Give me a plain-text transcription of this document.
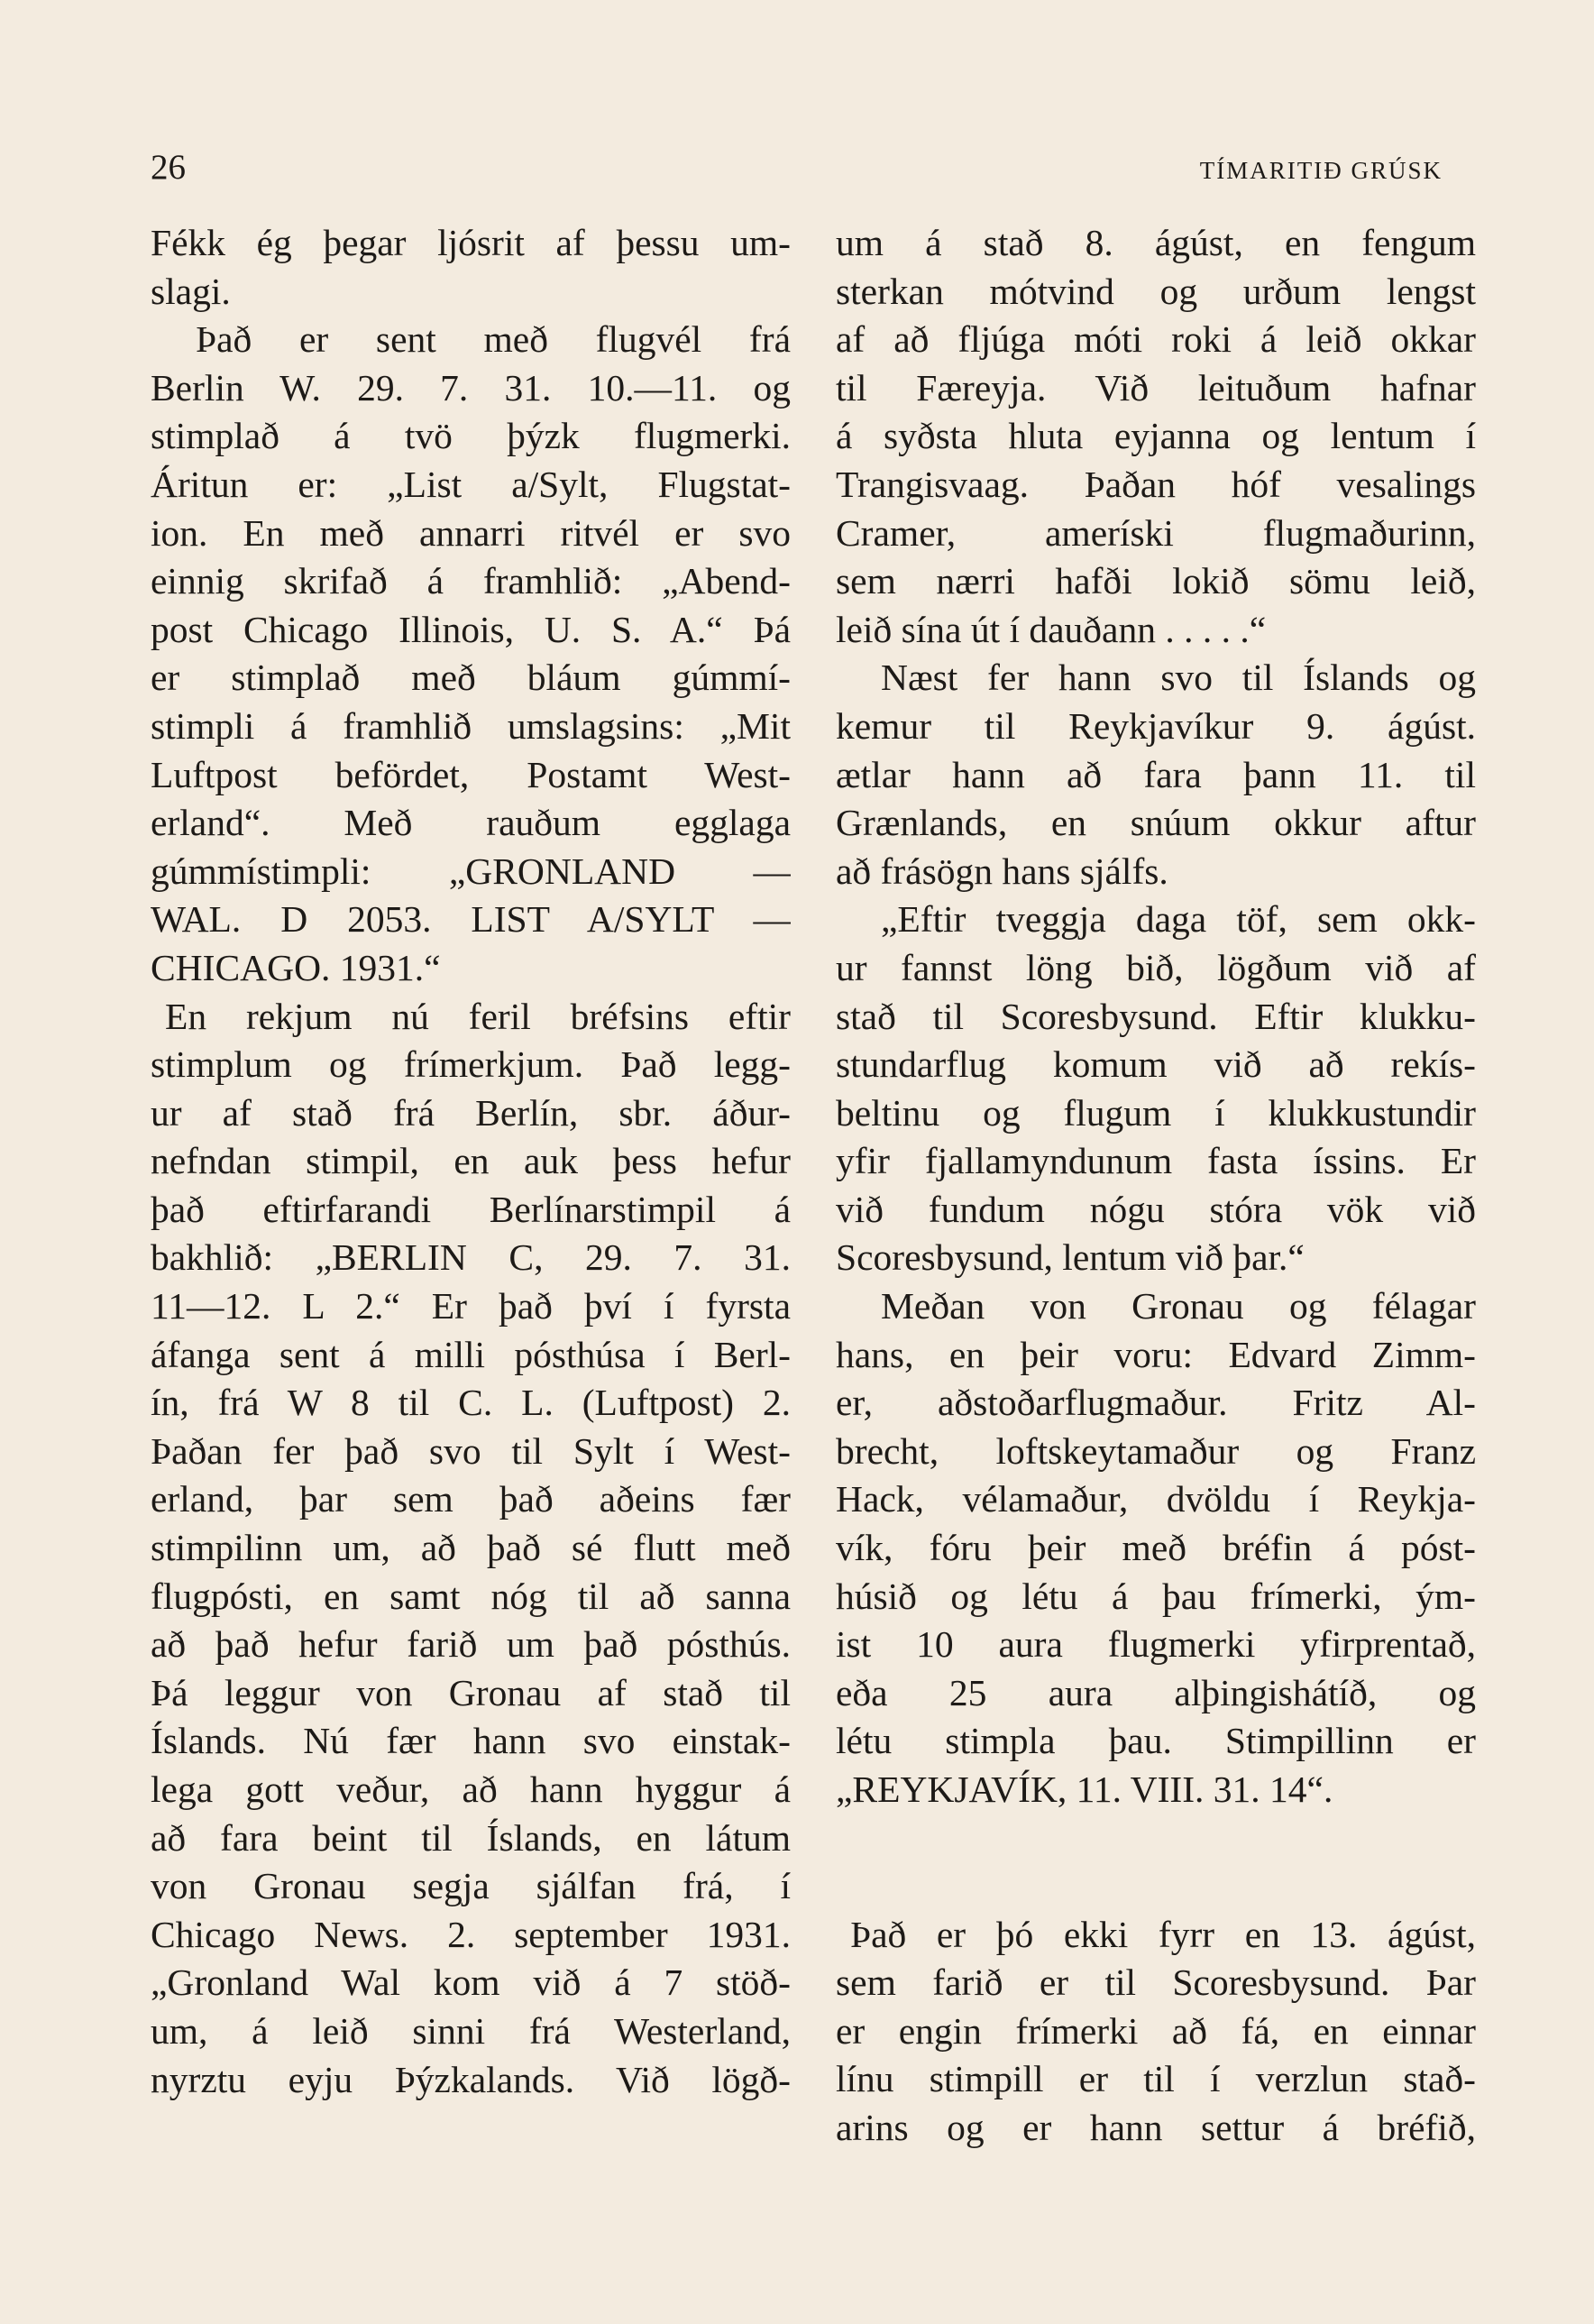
26	TÍMARITIÐ GRÚSK
Fékk ég þegar ljósrit af þessu um-
slagi.
Það er sent með flugvél frá
Berlin W. 29. 7. 31. 10.—11. og
stimplað á tvö þýzk flugmerki.
Áritun er: „List a/Sylt, Flugstat-
ion. En með annarri ritvél er svo
einnig skrifað á framhlið: „Abend-
post Chicago Illinois, U. S. A.“ Þá
er stimplað með bláum gúmmí-
stimpli á framhlið umslagsins: „Mit
Luftpost befördet, Postamt West-
erland“. Með rauðum egglaga
gúmmístimpli: „GRONLAND —
WAL. D 2053. LIST A/SYLT —
CHICAGO. 1931.“
En rekjum nú feril bréfsins eftir
stimplum og frímerkjum. Það legg-
ur af stað frá Berlín, sbr. áður-
nefndan stimpil, en auk þess hefur
það eftirfarandi Berlínarstimpil á
bakhlið: „BERLIN C, 29. 7. 31.
11—12. L 2.“ Er það því í fyrsta
áfanga sent á milli pósthúsa í Berl-
ín, frá W 8 til C. L. (Luftpost) 2.
Þaðan fer það svo til Sylt í West-
erland, þar sem það aðeins fær
stimpilinn um, að það sé flutt með
flugpósti, en samt nóg til að sanna
að það hefur farið um það pósthús.
Þá leggur von Gronau af stað til
Íslands. Nú fær hann svo einstak-
lega gott veður, að hann hyggur á
að fara beint til Íslands, en látum
von Gronau segja sjálfan frá, í
Chicago News. 2. september 1931.
„Gronland Wal kom við á 7 stöð-
um, á leið sinni frá Westerland,
nyrztu eyju Þýzkalands. Við lögð-
um á stað 8. ágúst, en fengum
sterkan mótvind og urðum lengst
af að fljúga móti roki á leið okkar
til Færeyja. Við leituðum hafnar
á syðsta hluta eyjanna og lentum í
Trangisvaag. Þaðan hóf vesalings
Cramer, ameríski flugmaðurinn,
sem nærri hafði lokið sömu leið,
leið sína út í dauðann . . . . .“
Næst fer hann svo til Íslands og
kemur til Reykjavíkur 9. ágúst.
ætlar hann að fara þann 11. til
Grænlands, en snúum okkur aftur
að frásögn hans sjálfs.
„Eftir tveggja daga töf, sem okk-
ur fannst löng bið, lögðum við af
stað til Scoresbysund. Eftir klukku-
stundarflug komum við að rekís-
beltinu og flugum í klukkustundir
yfir fjallamyndunum fasta íssins. Er
við fundum nógu stóra vök við
Scoresbysund, lentum við þar.“
Meðan von Gronau og félagar
hans, en þeir voru: Edvard Zimm-
er, aðstoðarflugmaður. Fritz Al-
brecht, loftskeytamaður og Franz
Hack, vélamaður, dvöldu í Reykja-
vík, fóru þeir með bréfin á póst-
húsið og létu á þau frímerki, ým-
ist 10 aura flugmerki yfirprentað,
eða 25 aura alþingishátíð, og
létu stimpla þau. Stimpillinn er
„REYKJAVÍK, 11. VIII. 31. 14“.
Það er þó ekki fyrr en 13. ágúst,
sem farið er til Scoresbysund. Þar
er engin frímerki að fá, en einnar
línu stimpill er til í verzlun stað-
arins og er hann settur á bréfið,
